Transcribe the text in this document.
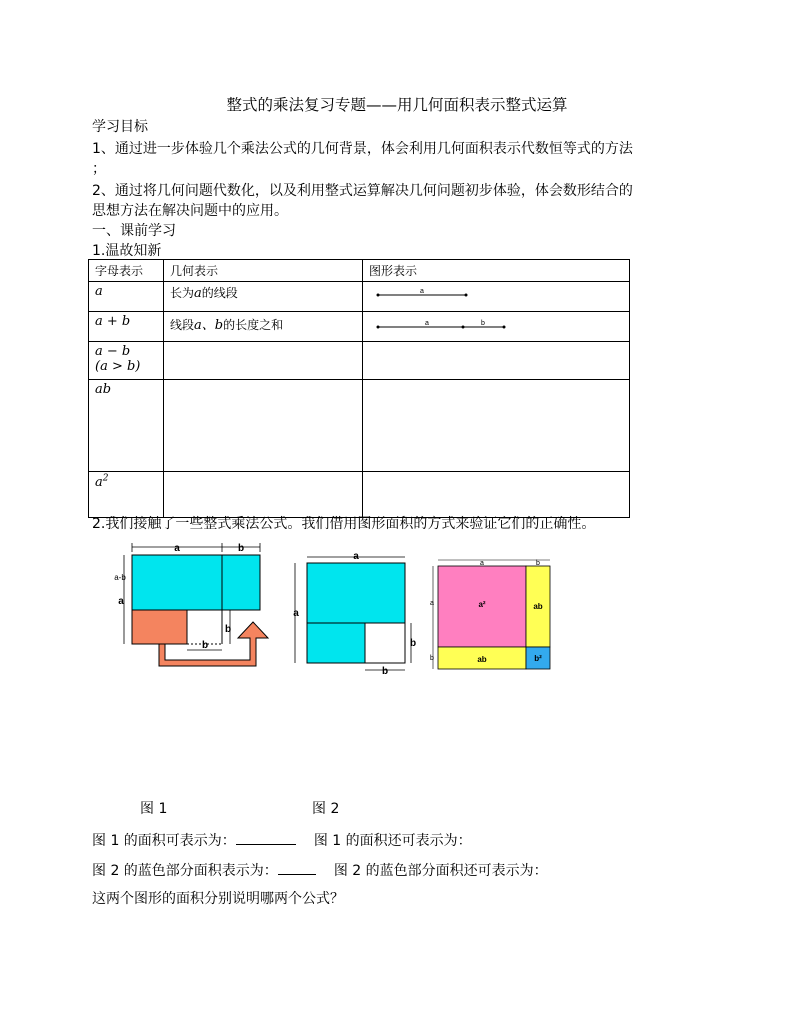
整式的乘法复习专题——用几何面积表示整式运算
学习目标
1、通过进一步体验几个乘法公式的几何背景，体会利用几何面积表示代数恒等式的方法
；
2、通过将几何问题代数化，以及利用整式运算解决几何问题初步体验，体会数形结合的
思想方法在解决问题中的应用。
一、课前学习
1.温故知新
字母表示	几何表示	图形表示
a	长为a的线段	a

a + b	线段a、b的长度之和	a b

a − b
(a > b)		

ab		
$a^2$		
2.我们接触了一些整式乘法公式。我们借用图形面积的方式来验证它们的正确性。
a	b
a-b
a
b
b
a
a
b
b
a	b
a
b
a²	ab
ab	b²
图 1	图 2
图 1 的面积可表示为：	图 1 的面积还可表示为：
图 2 的蓝色部分面积表示为：	图 2 的蓝色部分面积还可表示为：
这两个图形的面积分别说明哪两个公式？
